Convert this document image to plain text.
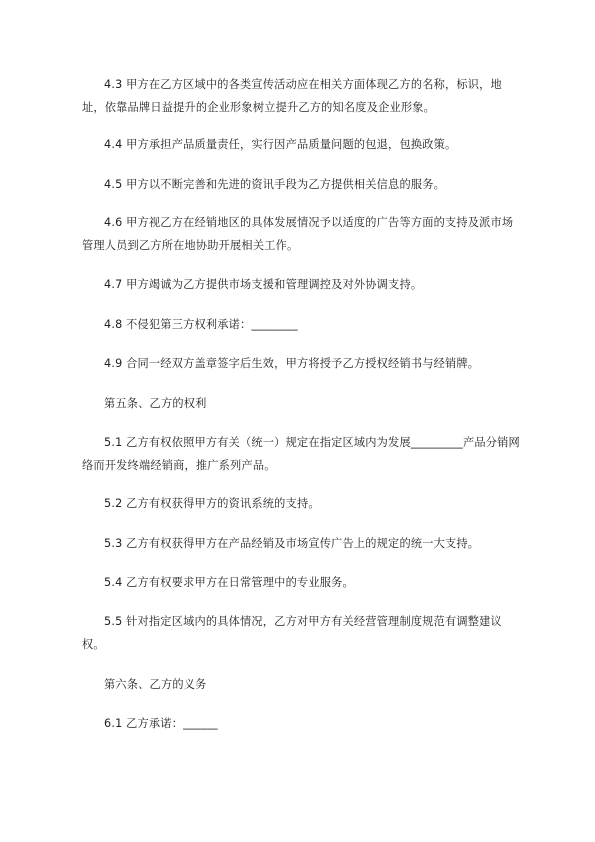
4.3 甲方在乙方区域中的各类宣传活动应在相关方面体现乙方的名称，标识，地址，依靠品牌日益提升的企业形象树立提升乙方的知名度及企业形象。

4.4 甲方承担产品质量责任，实行因产品质量问题的包退，包换政策。

4.5 甲方以不断完善和先进的资讯手段为乙方提供相关信息的服务。

4.6 甲方视乙方在经销地区的具体发展情况予以适度的广告等方面的支持及派市场管理人员到乙方所在地协助开展相关工作。

4.7 甲方竭诚为乙方提供市场支援和管理调控及对外协调支持。

4.8 不侵犯第三方权利承诺：________

4.9 合同一经双方盖章签字后生效，甲方将授予乙方授权经销书与经销牌。

第五条、乙方的权利

5.1 乙方有权依照甲方有关（统一）规定在指定区域内为发展_________产品分销网络而开发终端经销商，推广系列产品。

5.2 乙方有权获得甲方的资讯系统的支持。

5.3 乙方有权获得甲方在产品经销及市场宣传广告上的规定的统一大支持。

5.4 乙方有权要求甲方在日常管理中的专业服务。

5.5 针对指定区域内的具体情况，乙方对甲方有关经营管理制度规范有调整建议权。

第六条、乙方的义务

6.1 乙方承诺：______
